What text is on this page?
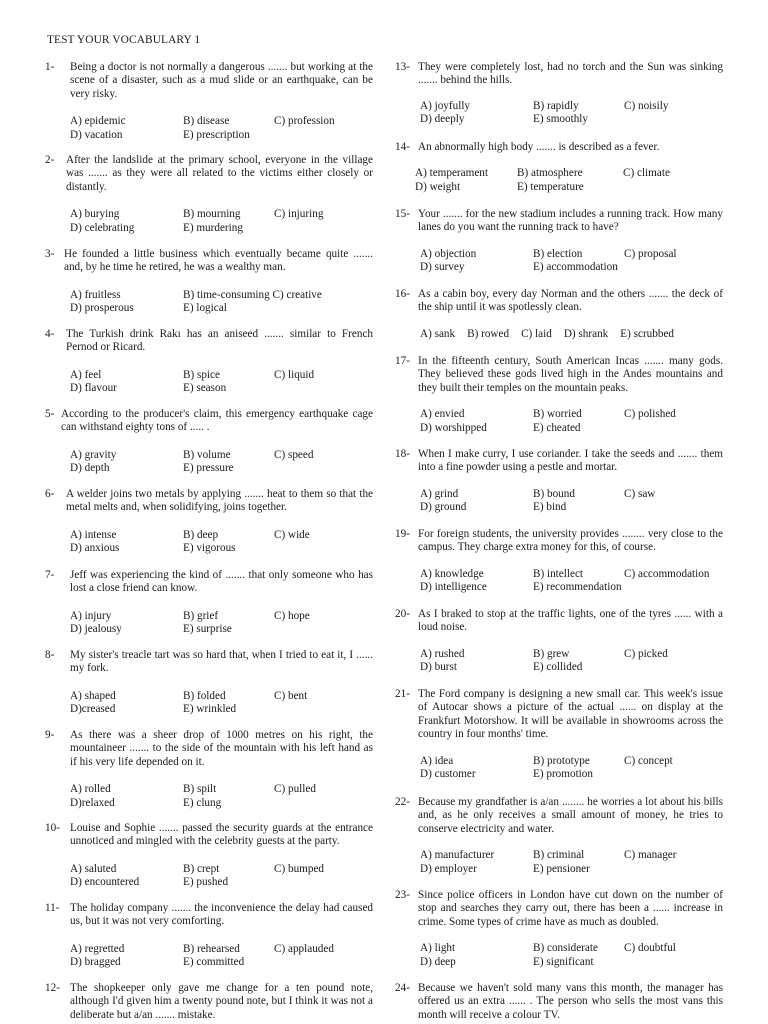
TEST YOUR VOCABULARY 1
1-	Being a doctor is not normally a dangerous ....... but working at the scene of a disaster, such as a mud slide or an earthquake, can be very risky.
A) epidemic	B) disease	C) profession
D) vacation	E) prescription
2-	After the landslide at the primary school, everyone in the village was ....... as they were all related to the victims either closely or distantly.
A) burying	B) mourning	C) injuring
D) celebrating	E) murdering
3- He founded a little business which eventually became quite ....... and, by he time he retired, he was a wealthy man.
A) fruitless	B) time-consuming C) creative
D) prosperous	E) logical
4-	The Turkish drink Rakı has an aniseed ....... similar to French Pernod or Ricard.
A) feel	B) spice	C) liquid
D) flavour	E) season
5- According to the producer's claim, this emergency earthquake cage can withstand eighty tons of ..... .
A) gravity	B) volume	C) speed
D) depth	E) pressure
6-	A welder joins two metals by applying ....... heat to them so that the metal melts and, when solidifying, joins together.
A) intense	B) deep	C) wide
D) anxious	E) vigorous
7-	Jeff was experiencing the kind of ....... that only someone who has lost a close friend can know.
A) injury	B) grief	C) hope
D) jealousy	E) surprise
8-	My sister's treacle tart was so hard that, when I tried to eat it, I ...... my fork.
A) shaped	B) folded	C) bent
D)creased	E) wrinkled
9-	As there was a sheer drop of 1000 metres on his right, the mountaineer ....... to the side of the mountain with his left hand as if his very life depended on it.
A) rolled	B) spilt	C) pulled
D)relaxed	E) clung
10- Louise and Sophie ....... passed the security guards at the entrance unnoticed and mingled with the celebrity guests at the party.
A) saluted	B) crept	C) bumped
D) encountered	E) pushed
11- The holiday company ....... the inconvenience the delay had caused us, but it was not very comforting.
A) regretted	B) rehearsed	C) applauded
D) bragged	E) committed
12- The shopkeeper only gave me change for a ten pound note, although I'd given him a twenty pound note, but I think it was not a deliberate but a/an ....... mistake.
13- They were completely lost, had no torch and the Sun was sinking ....... behind the hills.
A) joyfully	B) rapidly	C) noisily
D) deeply	E) smoothly
14- An abnormally high body ....... is described as a fever.
A) temperament	B) atmosphere	C) climate
D) weight	E) temperature
15- Your ....... for the new stadium includes a running track. How many lanes do you want the running track to have?
A) objection	B) election	C) proposal
D) survey	E) accommodation
16- As a cabin boy, every day Norman and the others ....... the deck of the ship until it was spotlessly clean.
A) sank B) rowed C) laid D) shrank E) scrubbed
17- In the fifteenth century, South American Incas ....... many gods. They believed these gods lived high in the Andes mountains and they built their temples on the mountain peaks.
A) envied	B) worried	C) polished
D) worshipped	E) cheated
18- When I make curry, I use coriander. I take the seeds and ....... them into a fine powder using a pestle and mortar.
A) grind	B) bound	C) saw
D) ground	E) bind
19- For foreign students, the university provides ........ very close to the campus. They charge extra money for this, of course.
A) knowledge	B) intellect	C) accommodation
D) intelligence	E) recommendation
20- As I braked to stop at the traffic lights, one of the tyres ...... with a loud noise.
A) rushed	B) grew	C) picked
D) burst	E) collided
21- The Ford company is designing a new small car. This week's issue of Autocar shows a picture of the actual ...... on display at the Frankfurt Motorshow. It will be available in showrooms across the country in four months' time.
A) idea	B) prototype	C) concept
D) customer	E) promotion
22- Because my grandfather is a/an ........ he worries a lot about his bills and, as he only receives a small amount of money, he tries to conserve electricity and water.
A) manufacturer	B) criminal	C) manager
D) employer	E) pensioner
23- Since police officers in London have cut down on the number of stop and searches they carry out, there has been a ...... increase in crime. Some types of crime have as much as doubled.
A) light	B) considerate	C) doubtful
D) deep	E) significant
24- Because we haven't sold many vans this month, the manager has offered us an extra ...... . The person who sells the most vans this month will receive a colour TV.
